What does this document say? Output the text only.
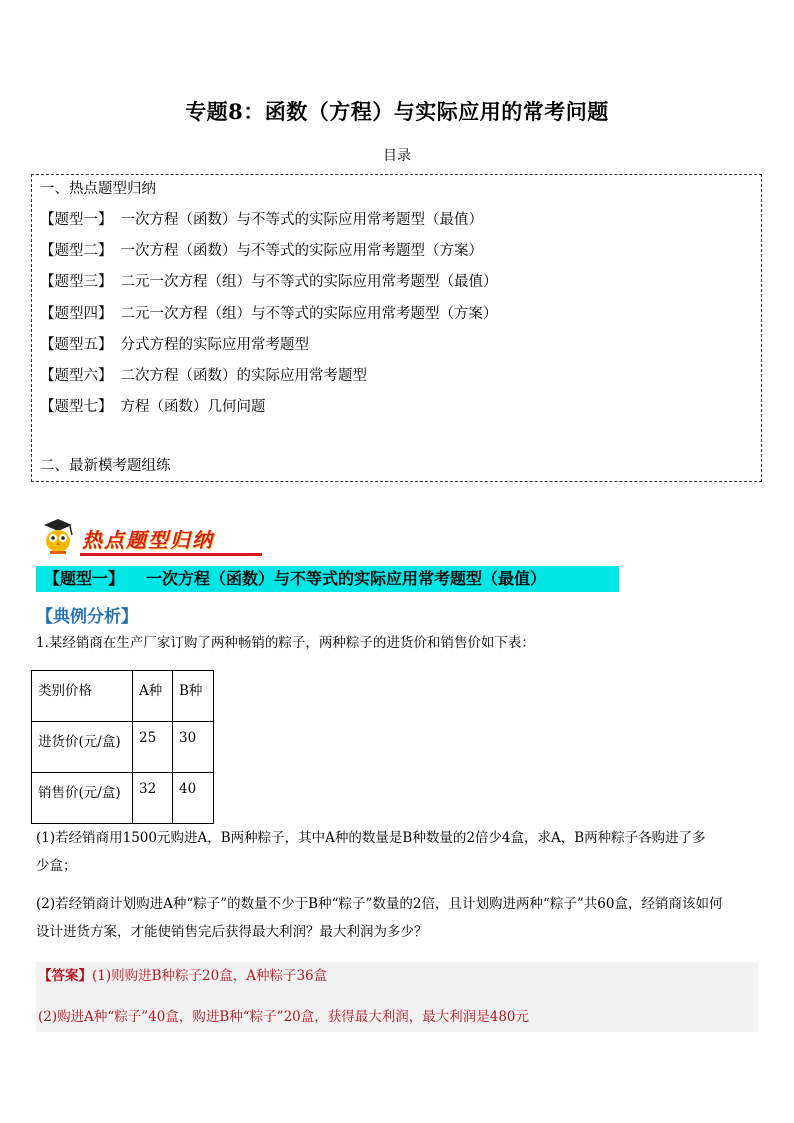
专题8：函数（方程）与实际应用的常考问题
目录
一、热点题型归纳
【题型一】 一次方程（函数）与不等式的实际应用常考题型（最值）
【题型二】 一次方程（函数）与不等式的实际应用常考题型（方案）
【题型三】 二元一次方程（组）与不等式的实际应用常考题型（最值）
【题型四】 二元一次方程（组）与不等式的实际应用常考题型（方案）
【题型五】 分式方程的实际应用常考题型
【题型六】 二次方程（函数）的实际应用常考题型
【题型七】 方程（函数）几何问题
二、最新模考题组练
热点题型归纳
【题型一】 一次方程（函数）与不等式的实际应用常考题型（最值）
【典例分析】
1.某经销商在生产厂家订购了两种畅销的粽子，两种粽子的进货价和销售价如下表：
类别价格	A种	B种
进货价(元/盒)	25	30
销售价(元/盒)	32	40
(1)若经销商用1500元购进A，B两种粽子，其中A种的数量是B种数量的2倍少4盒，求A，B两种粽子各购进了多
少盒；
(2)若经销商计划购进A种“粽子”的数量不少于B种“粽子”数量的2倍，且计划购进两种“粽子”共60盒，经销商该如何
设计进货方案，才能使销售完后获得最大利润？最大利润为多少？
【答案】(1)则购进B种粽子20盒，A种粽子36盒
(2)购进A种“粽子”40盒，购进B种“粽子”20盒，获得最大利润，最大利润是480元
